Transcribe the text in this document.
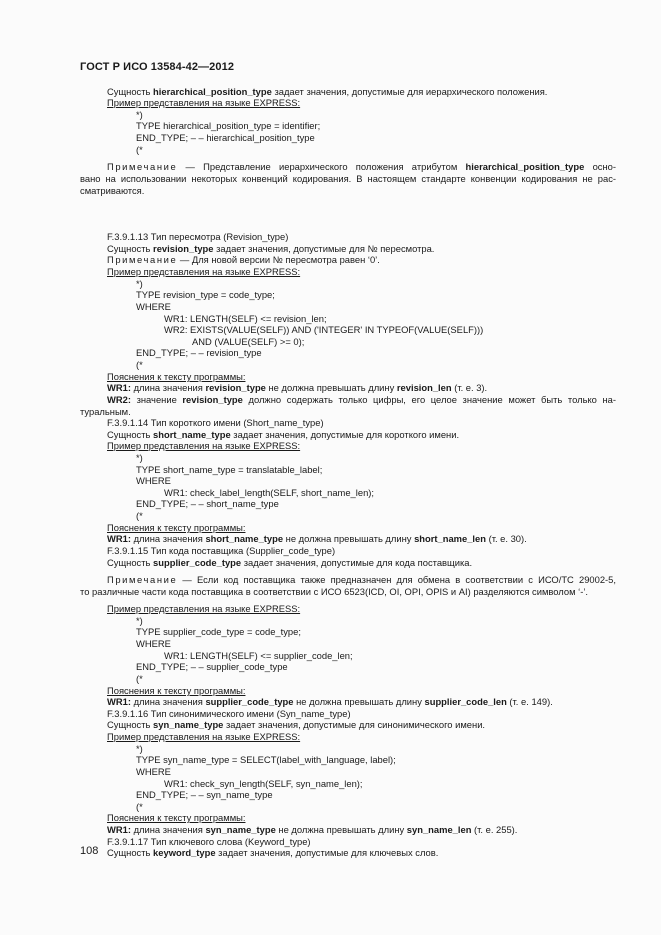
ГОСТ Р ИСО 13584-42—2012
Сущность hierarchical_position_type задает значения, допустимые для иерархического положения.
Пример представления на языке EXPRESS:
*)
TYPE hierarchical_position_type = identifier;
END_TYPE; – – hierarchical_position_type
(*
Примечание — Представление иерархического положения атрибутом hierarchical_position_type осно-
вано на использовании некоторых конвенций кодирования. В настоящем стандарте конвенции кодирования не рас-
сматриваются.
F.3.9.1.13 Тип пересмотра (Revision_type)
Сущность revision_type задает значения, допустимые для № пересмотра.
Примечание — Для новой версии № пересмотра равен ‘0’.
Пример представления на языке EXPRESS:
*)
TYPE revision_type = code_type;
WHERE
WR1: LENGTH(SELF) <= revision_len;
WR2: EXISTS(VALUE(SELF)) AND ('INTEGER' IN TYPEOF(VALUE(SELF)))
AND (VALUE(SELF) >= 0);
END_TYPE; – – revision_type
(*
Пояснения к тексту программы:
WR1: длина значения revision_type не должна превышать длину revision_len (т. е. 3).
WR2: значение revision_type должно содержать только цифры, его целое значение может быть только на-
туральным.
F.3.9.1.14 Тип короткого имени (Short_name_type)
Сущность short_name_type задает значения, допустимые для короткого имени.
Пример представления на языке EXPRESS:
*)
TYPE short_name_type = translatable_label;
WHERE
WR1: check_label_length(SELF, short_name_len);
END_TYPE; – – short_name_type
(*
Пояснения к тексту программы:
WR1: длина значения short_name_type не должна превышать длину short_name_len (т. е. 30).
F.3.9.1.15 Тип кода поставщика (Supplier_code_type)
Сущность supplier_code_type задает значения, допустимые для кода поставщика.
Примечание — Если код поставщика также предназначен для обмена в соответствии с ИСО/ТС 29002-5,
то различные части кода поставщика в соответствии с ИСО 6523(ICD, OI, OPI, OPIS и AI) разделяются символом ‘-’.
Пример представления на языке EXPRESS:
*)
TYPE supplier_code_type = code_type;
WHERE
WR1: LENGTH(SELF) <= supplier_code_len;
END_TYPE; – – supplier_code_type
(*
Пояснения к тексту программы:
WR1: длина значения supplier_code_type не должна превышать длину supplier_code_len (т. е. 149).
F.3.9.1.16 Тип синонимического имени (Syn_name_type)
Сущность syn_name_type задает значения, допустимые для синонимического имени.
Пример представления на языке EXPRESS:
*)
TYPE syn_name_type = SELECT(label_with_language, label);
WHERE
WR1: check_syn_length(SELF, syn_name_len);
END_TYPE; – – syn_name_type
(*
Пояснения к тексту программы:
WR1: длина значения syn_name_type не должна превышать длину syn_name_len (т. е. 255).
F.3.9.1.17 Тип ключевого слова (Keyword_type)
Сущность keyword_type задает значения, допустимые для ключевых слов.
108
